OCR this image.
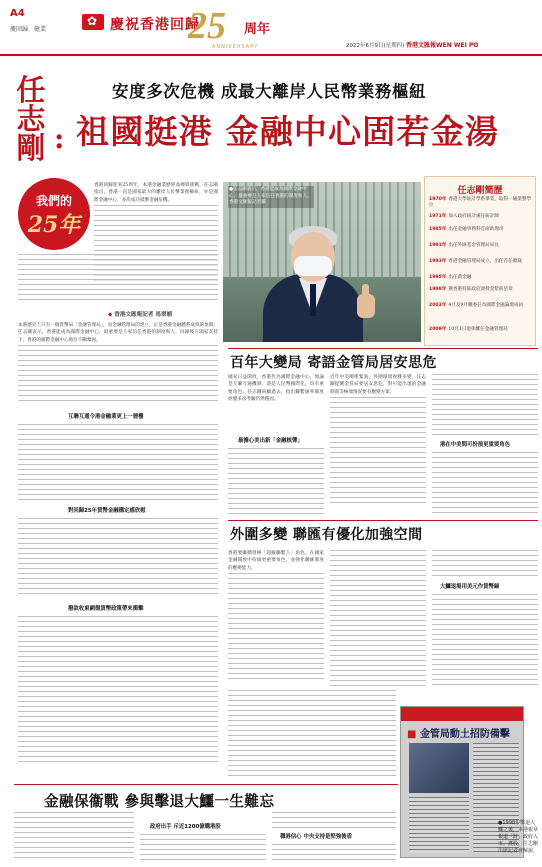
A4
慶回歸．健業
✿	慶祝香港回歸
25 周年
ANNIVERSARY	2022年6月9日(星期四) 香港文匯報WEN WEI PO
任
志
剛 :
安度多次危機 成最大離岸人民幣業務樞紐
祖國挺港 金融中心固若金湯
我們的
25年

香港回歸迎來25周年，本港金融業歷經高峰與挑戰，任志剛指出，香港一直是國家最大的離岸人民幣業務樞紐，亦是國際金融中心，多次成功抵禦金融危機。

●任志剛表示，香港能成為國際金融中心，最重要是人家信任香港的制度和人。香港文匯報記者攝
任志剛簡歷
1970年 香港大學統計學系畢業，取得一級榮譽學位
1971年 加入政府統計處任統計師
1985年 出任金融事務科首席助理司
1991年 出任外匯基金管理局局長
1993年 香港金融管理局成立，出任首任總裁
1995年 出任新金融
1998年 獲香港特區政府頒授金紫荊星章
2003年 4月及9月獲委任為國際金融論壇成員
2009年 10月1日退休離任金融管理局
◆ 香港文匯報記者 馬翠媚

本港歷史上只有一個貨幣局「金融管理局」，而金融管理局的建立，正是香港金融體系成熟的象徵。任志剛表示，香港能成為國際金融中心，最重要是人家信任香港的制度和人，回歸後在國家支持下，香港的國際金融中心地位不斷鞏固。

互聯互通令港金融業更上一層樓
對回歸25年貨幣金融穩定感欣慰
撥款收東網盤貨幣政策帶來衝擊
百年大變局 寄語金管局居安思危

國家日益開放，香港作為國際金融中心，無論是互聯互通機制，還是人民幣國際化，均有重要角色。任志剛回顧過去，指出聯繫匯率制度經歷多次考驗仍然穩固。

最擔心美出新「金融核彈」

近年中美關係緊張，外圍環境複雜多變，任志剛提醒金管局要居安思危，對可能出現的金融制裁等極端情況要有應變方案。

港在中美間可扮演更重要角色
外圍多變 聯匯有優化加強空間

香港要繼續發揮「超級聯繫人」角色，在國家金融開放中扮演更重要角色，並強化聯匯制度的應變能力。

大鱷退場用美元作貨幣錨
金融保衞戰 參與擊退大鱷一生難忘
政府出手 斥近1200億購港股
穩港信心 中央支持是堅強後盾
■ 金管局動土招防備擊
●1998年擊退大鱷之後，本港報章報道「財」政府入市。護股，任志剛出席記者會解說。
